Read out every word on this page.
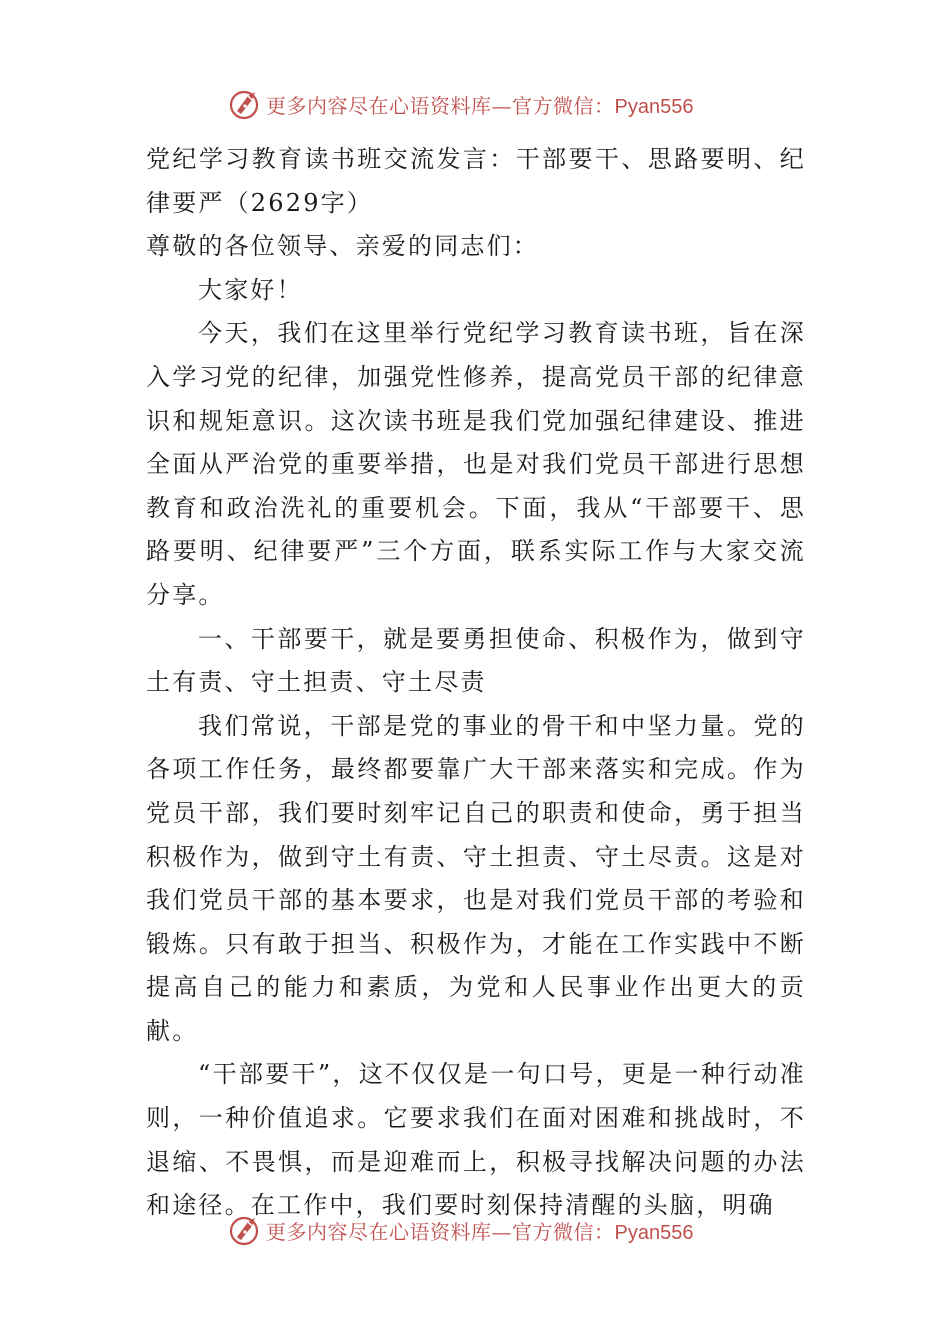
更多内容尽在心语资料库—官方微信：Pyan556

党纪学习教育读书班交流发言：干部要干、思路要明、纪律要严（2629字）

尊敬的各位领导、亲爱的同志们：

大家好！

今天，我们在这里举行党纪学习教育读书班，旨在深入学习党的纪律，加强党性修养，提高党员干部的纪律意识和规矩意识。这次读书班是我们党加强纪律建设、推进全面从严治党的重要举措，也是对我们党员干部进行思想教育和政治洗礼的重要机会。下面，我从“干部要干、思路要明、纪律要严”三个方面，联系实际工作与大家交流分享。

一、干部要干，就是要勇担使命、积极作为，做到守土有责、守土担责、守土尽责

我们常说，干部是党的事业的骨干和中坚力量。党的各项工作任务，最终都要靠广大干部来落实和完成。作为党员干部，我们要时刻牢记自己的职责和使命，勇于担当积极作为，做到守土有责、守土担责、守土尽责。这是对我们党员干部的基本要求，也是对我们党员干部的考验和锻炼。只有敢于担当、积极作为，才能在工作实践中不断提高自己的能力和素质，为党和人民事业作出更大的贡献。

“干部要干”，这不仅仅是一句口号，更是一种行动准则，一种价值追求。它要求我们在面对困难和挑战时，不退缩、不畏惧，而是迎难而上，积极寻找解决问题的办法和途径。在工作中，我们要时刻保持清醒的头脑，明确

更多内容尽在心语资料库—官方微信：Pyan556
